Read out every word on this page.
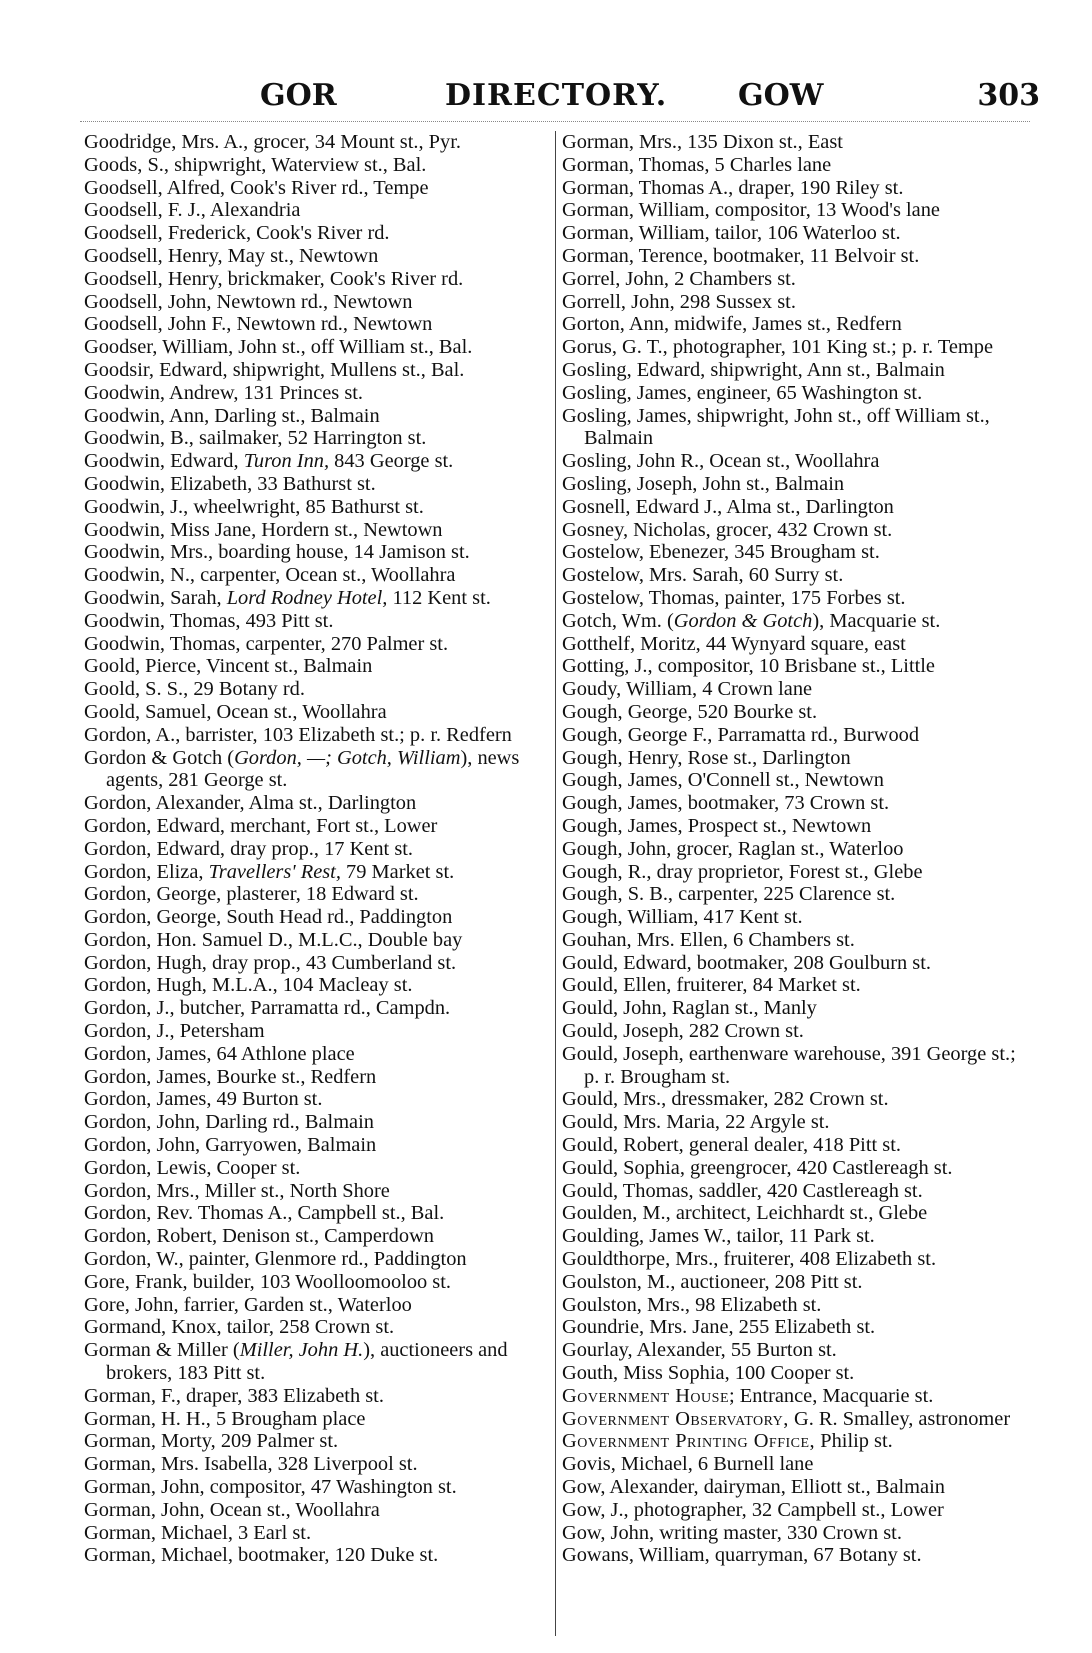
GOR	DIRECTORY. GOW	303
Goodridge, Mrs. A., grocer, 34 Mount st., Pyr.
Goods, S., shipwright, Waterview st., Bal.
Goodsell, Alfred, Cook's River rd., Tempe
Goodsell, F. J., Alexandria
Goodsell, Frederick, Cook's River rd.
Goodsell, Henry, May st., Newtown
Goodsell, Henry, brickmaker, Cook's River rd.
Goodsell, John, Newtown rd., Newtown
Goodsell, John F., Newtown rd., Newtown
Goodser, William, John st., off William st., Bal.
Goodsir, Edward, shipwright, Mullens st., Bal.
Goodwin, Andrew, 131 Princes st.
Goodwin, Ann, Darling st., Balmain
Goodwin, B., sailmaker, 52 Harrington st.
Goodwin, Edward, Turon Inn, 843 George st.
Goodwin, Elizabeth, 33 Bathurst st.
Goodwin, J., wheelwright, 85 Bathurst st.
Goodwin, Miss Jane, Hordern st., Newtown
Goodwin, Mrs., boarding house, 14 Jamison st.
Goodwin, N., carpenter, Ocean st., Woollahra
Goodwin, Sarah, Lord Rodney Hotel, 112 Kent st.
Goodwin, Thomas, 493 Pitt st.
Goodwin, Thomas, carpenter, 270 Palmer st.
Goold, Pierce, Vincent st., Balmain
Goold, S. S., 29 Botany rd.
Goold, Samuel, Ocean st., Woollahra
Gordon, A., barrister, 103 Elizabeth st.; p. r. Redfern
Gordon & Gotch (Gordon, —; Gotch, William), news agents, 281 George st.
Gordon, Alexander, Alma st., Darlington
Gordon, Edward, merchant, Fort st., Lower
Gordon, Edward, dray prop., 17 Kent st.
Gordon, Eliza, Travellers' Rest, 79 Market st.
Gordon, George, plasterer, 18 Edward st.
Gordon, George, South Head rd., Paddington
Gordon, Hon. Samuel D., M.L.C., Double bay
Gordon, Hugh, dray prop., 43 Cumberland st.
Gordon, Hugh, M.L.A., 104 Macleay st.
Gordon, J., butcher, Parramatta rd., Campdn.
Gordon, J., Petersham
Gordon, James, 64 Athlone place
Gordon, James, Bourke st., Redfern
Gordon, James, 49 Burton st.
Gordon, John, Darling rd., Balmain
Gordon, John, Garryowen, Balmain
Gordon, Lewis, Cooper st.
Gordon, Mrs., Miller st., North Shore
Gordon, Rev. Thomas A., Campbell st., Bal.
Gordon, Robert, Denison st., Camperdown
Gordon, W., painter, Glenmore rd., Paddington
Gore, Frank, builder, 103 Woolloomooloo st.
Gore, John, farrier, Garden st., Waterloo
Gormand, Knox, tailor, 258 Crown st.
Gorman & Miller (Miller, John H.), auctioneers and brokers, 183 Pitt st.
Gorman, F., draper, 383 Elizabeth st.
Gorman, H. H., 5 Brougham place
Gorman, Morty, 209 Palmer st.
Gorman, Mrs. Isabella, 328 Liverpool st.
Gorman, John, compositor, 47 Washington st.
Gorman, John, Ocean st., Woollahra
Gorman, Michael, 3 Earl st.
Gorman, Michael, bootmaker, 120 Duke st.
Gorman, Mrs., 135 Dixon st., East
Gorman, Thomas, 5 Charles lane
Gorman, Thomas A., draper, 190 Riley st.
Gorman, William, compositor, 13 Wood's lane
Gorman, William, tailor, 106 Waterloo st.
Gorman, Terence, bootmaker, 11 Belvoir st.
Gorrel, John, 2 Chambers st.
Gorrell, John, 298 Sussex st.
Gorton, Ann, midwife, James st., Redfern
Gorus, G. T., photographer, 101 King st.; p. r. Tempe
Gosling, Edward, shipwright, Ann st., Balmain
Gosling, James, engineer, 65 Washington st.
Gosling, James, shipwright, John st., off William st., Balmain
Gosling, John R., Ocean st., Woollahra
Gosling, Joseph, John st., Balmain
Gosnell, Edward J., Alma st., Darlington
Gosney, Nicholas, grocer, 432 Crown st.
Gostelow, Ebenezer, 345 Brougham st.
Gostelow, Mrs. Sarah, 60 Surry st.
Gostelow, Thomas, painter, 175 Forbes st.
Gotch, Wm. (Gordon & Gotch), Macquarie st.
Gotthelf, Moritz, 44 Wynyard square, east
Gotting, J., compositor, 10 Brisbane st., Little
Goudy, William, 4 Crown lane
Gough, George, 520 Bourke st.
Gough, George F., Parramatta rd., Burwood
Gough, Henry, Rose st., Darlington
Gough, James, O'Connell st., Newtown
Gough, James, bootmaker, 73 Crown st.
Gough, James, Prospect st., Newtown
Gough, John, grocer, Raglan st., Waterloo
Gough, R., dray proprietor, Forest st., Glebe
Gough, S. B., carpenter, 225 Clarence st.
Gough, William, 417 Kent st.
Gouhan, Mrs. Ellen, 6 Chambers st.
Gould, Edward, bootmaker, 208 Goulburn st.
Gould, Ellen, fruiterer, 84 Market st.
Gould, John, Raglan st., Manly
Gould, Joseph, 282 Crown st.
Gould, Joseph, earthenware warehouse, 391 George st.; p. r. Brougham st.
Gould, Mrs., dressmaker, 282 Crown st.
Gould, Mrs. Maria, 22 Argyle st.
Gould, Robert, general dealer, 418 Pitt st.
Gould, Sophia, greengrocer, 420 Castlereagh st.
Gould, Thomas, saddler, 420 Castlereagh st.
Goulden, M., architect, Leichhardt st., Glebe
Goulding, James W., tailor, 11 Park st.
Gouldthorpe, Mrs., fruiterer, 408 Elizabeth st.
Goulston, M., auctioneer, 208 Pitt st.
Goulston, Mrs., 98 Elizabeth st.
Goundrie, Mrs. Jane, 255 Elizabeth st.
Gourlay, Alexander, 55 Burton st.
Gouth, Miss Sophia, 100 Cooper st.
Government House; Entrance, Macquarie st.
Government Observatory, G. R. Smalley, astronomer
Government Printing Office, Philip st.
Govis, Michael, 6 Burnell lane
Gow, Alexander, dairyman, Elliott st., Balmain
Gow, J., photographer, 32 Campbell st., Lower
Gow, John, writing master, 330 Crown st.
Gowans, William, quarryman, 67 Botany st.
